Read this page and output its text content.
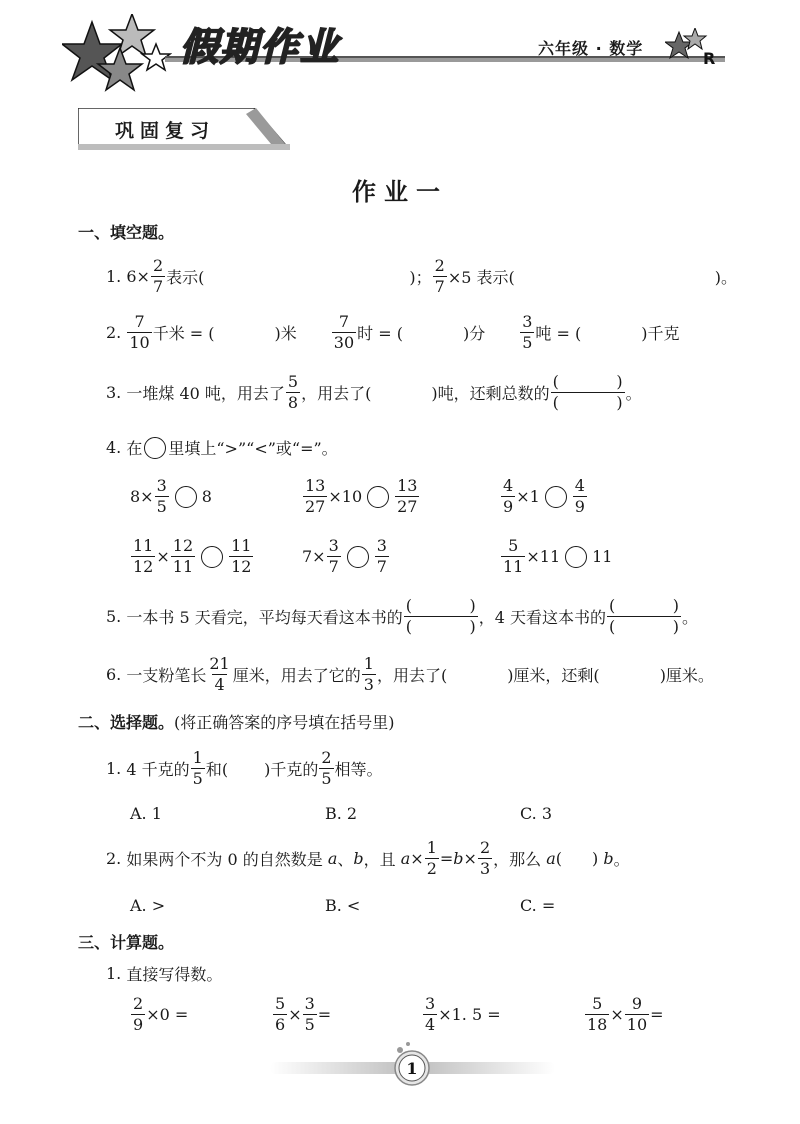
假期作业	六年级 · 数学
R
巩固复习
作业一
一、填空题。
1.
$6\times \frac{2}{7}$ 表示(	)； $\frac{2}{7} \times 5$ 表示(	)。
2.
$\frac{7}{10}$ 千米 = (	)米 $\frac{7}{30}$ 时 = (	)分 $\frac{3}{5}$ 吨 = (	)千克
3.
一堆煤 40 吨，用去了 $\frac{5}{8}$ ，用去了(	)吨，还剩总数的 (	)
(	) 。
4.
在 里填上“>”“<”或“=”。
$8\times \frac{3}{5} 8$	$\frac{13}{27} \times 10 \frac{13}{27}$	$\frac{4}{9} \times 1 \frac{4}{9}$
$\frac{11}{12} \times \frac{12}{11} \frac{11}{12}$	$7\times \frac{3}{7} \frac{3}{7}$	$\frac{5}{11} \times 11$ 11
5.
一本书 5 天看完，平均每天看这本书的 (	)
(	) ，4 天看这本书的 (	)
(	) 。
6.
一支粉笔长 $\frac{21}{4}$ 厘米，用去了它的 $\frac{1}{3}$ ，用去了(	)厘米，还剩(	)厘米。
二、选择题。(将正确答案的序号填在括号里)
1.
4 千克的 $\frac{1}{5}$ 和( )千克的 $\frac{2}{5}$ 相等。
A. 1	B. 2	C. 3
2.
如果两个不为 0 的自然数是
a 、 b ，且
$a \times \frac{1}{2} = b \times \frac{2}{3}$ ，那么
a ( )
b 。
A. >	B. <	C. =
三、计算题。
1.
直接写得数。
$\frac{2}{9} \times 0$ =	$\frac{5}{6} \times \frac{3}{5}$ =	$\frac{3}{4} \times 1$. 5 =	$\frac{5}{18} \times \frac{9}{10}$ =
1
